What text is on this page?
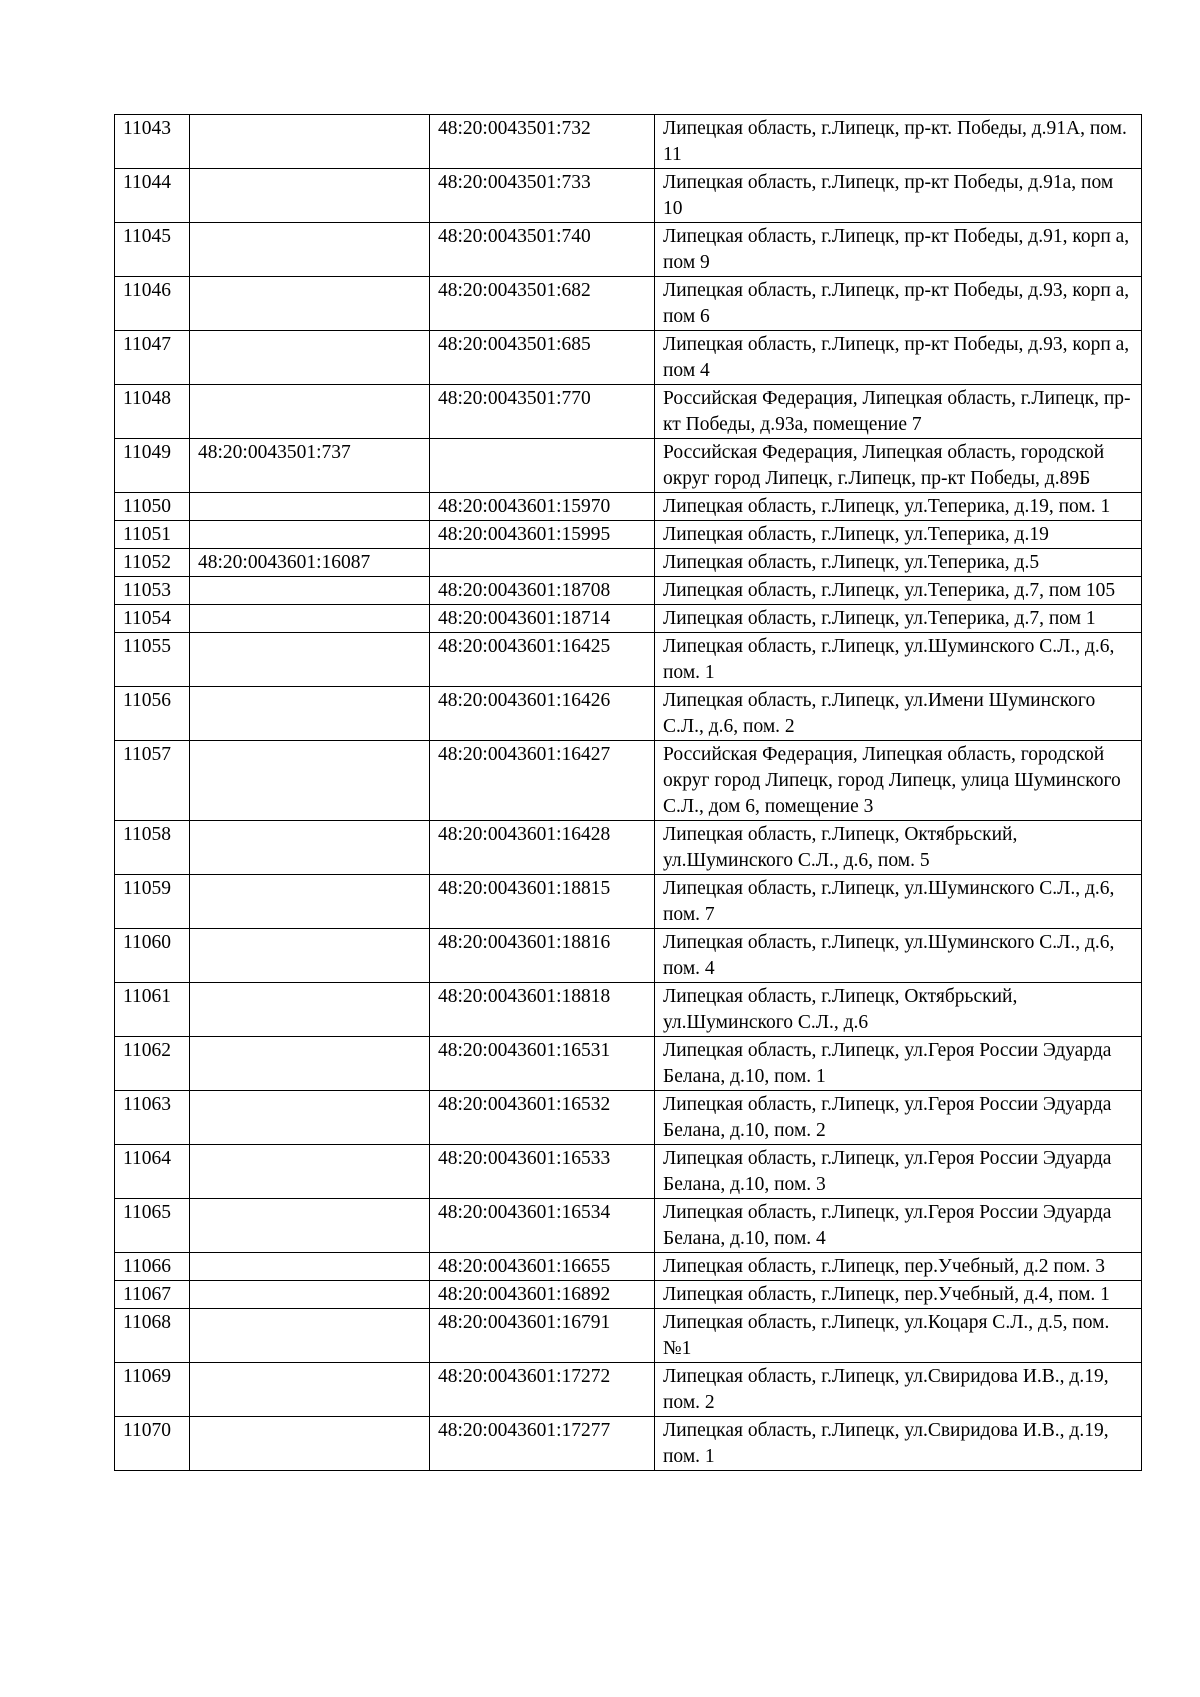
11043		48:20:0043501:732	Липецкая область, г.Липецк, пр-кт. Победы, д.91А, пом. 11
11044		48:20:0043501:733	Липецкая область, г.Липецк, пр-кт Победы, д.91а, пом 10
11045		48:20:0043501:740	Липецкая область, г.Липецк, пр-кт Победы, д.91, корп а, пом 9
11046		48:20:0043501:682	Липецкая область, г.Липецк, пр-кт Победы, д.93, корп а, пом 6
11047		48:20:0043501:685	Липецкая область, г.Липецк, пр-кт Победы, д.93, корп а, пом 4
11048		48:20:0043501:770	Российская Федерация, Липецкая область, г.Липецк, пр-кт Победы, д.93а, помещение 7
11049	48:20:0043501:737		Российская Федерация, Липецкая область, городской округ город Липецк, г.Липецк, пр-кт Победы, д.89Б
11050		48:20:0043601:15970	Липецкая область, г.Липецк, ул.Теперика, д.19, пом. 1
11051		48:20:0043601:15995	Липецкая область, г.Липецк, ул.Теперика, д.19
11052	48:20:0043601:16087		Липецкая область, г.Липецк, ул.Теперика, д.5
11053		48:20:0043601:18708	Липецкая область, г.Липецк, ул.Теперика, д.7, пом 105
11054		48:20:0043601:18714	Липецкая область, г.Липецк, ул.Теперика, д.7, пом 1
11055		48:20:0043601:16425	Липецкая область, г.Липецк, ул.Шуминского С.Л., д.6, пом. 1
11056		48:20:0043601:16426	Липецкая область, г.Липецк, ул.Имени Шуминского С.Л., д.6, пом. 2
11057		48:20:0043601:16427	Российская Федерация, Липецкая область, городской округ город Липецк, город Липецк, улица Шуминского С.Л., дом 6, помещение 3
11058		48:20:0043601:16428	Липецкая область, г.Липецк, Октябрьский, ул.Шуминского С.Л., д.6, пом. 5
11059		48:20:0043601:18815	Липецкая область, г.Липецк, ул.Шуминского С.Л., д.6, пом. 7
11060		48:20:0043601:18816	Липецкая область, г.Липецк, ул.Шуминского С.Л., д.6, пом. 4
11061		48:20:0043601:18818	Липецкая область, г.Липецк, Октябрьский, ул.Шуминского С.Л., д.6
11062		48:20:0043601:16531	Липецкая область, г.Липецк, ул.Героя России Эдуарда Белана, д.10, пом. 1
11063		48:20:0043601:16532	Липецкая область, г.Липецк, ул.Героя России Эдуарда Белана, д.10, пом. 2
11064		48:20:0043601:16533	Липецкая область, г.Липецк, ул.Героя России Эдуарда Белана, д.10, пом. 3
11065		48:20:0043601:16534	Липецкая область, г.Липецк, ул.Героя России Эдуарда Белана, д.10, пом. 4
11066		48:20:0043601:16655	Липецкая область, г.Липецк, пер.Учебный, д.2 пом. 3
11067		48:20:0043601:16892	Липецкая область, г.Липецк, пер.Учебный, д.4, пом. 1
11068		48:20:0043601:16791	Липецкая область, г.Липецк, ул.Коцаря С.Л., д.5, пом.№1
11069		48:20:0043601:17272	Липецкая область, г.Липецк, ул.Свиридова И.В., д.19, пом. 2
11070		48:20:0043601:17277	Липецкая область, г.Липецк, ул.Свиридова И.В., д.19, пом. 1
